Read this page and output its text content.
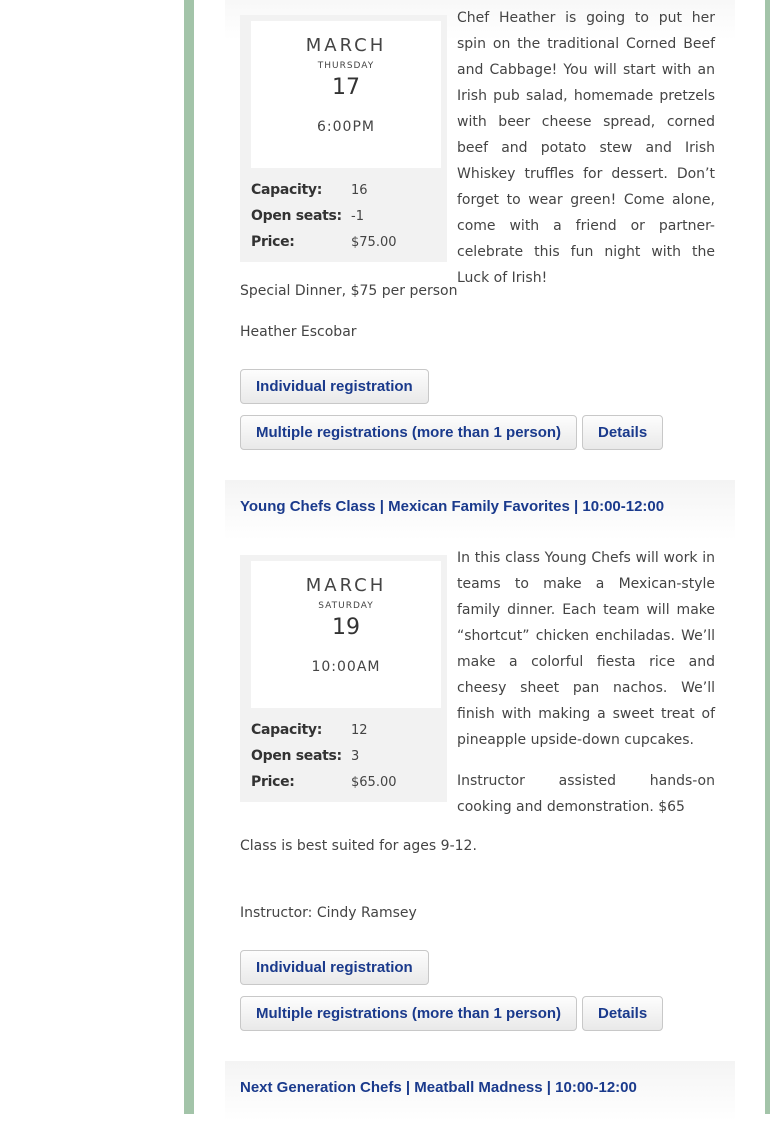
MARCH
THURSDAY
17
6:00PM
Capacity: 16
Open seats: -1
Price:	$75.00

Chef Heather is going to put her spin on the traditional Corned Beef and Cabbage! You will start with an Irish pub salad, homemade pretzels with beer cheese spread, corned beef and potato stew and Irish Whiskey truffles for dessert. Don’t forget to wear green! Come alone, come with a friend or partner- celebrate this fun night with the Luck of Irish!

Special Dinner, $75 per person

Heather Escobar

Individual registration
Multiple registrations (more than 1 person)	Details
Young Chefs Class | Mexican Family Favorites | 10:00-12:00
MARCH
SATURDAY
19
10:00AM
Capacity: 12
Open seats: 3
Price:	$65.00

In this class Young Chefs will work in teams to make a Mexican-style family dinner. Each team will make “shortcut” chicken enchiladas. We’ll make a colorful fiesta rice and cheesy sheet pan nachos. We’ll finish with making a sweet treat of pineapple upside-down cupcakes.

Instructor assisted hands-on cooking and demonstration. $65

Class is best suited for ages 9-12.

Instructor: Cindy Ramsey

Individual registration
Multiple registrations (more than 1 person)	Details
Next Generation Chefs | Meatball Madness | 10:00-12:00
